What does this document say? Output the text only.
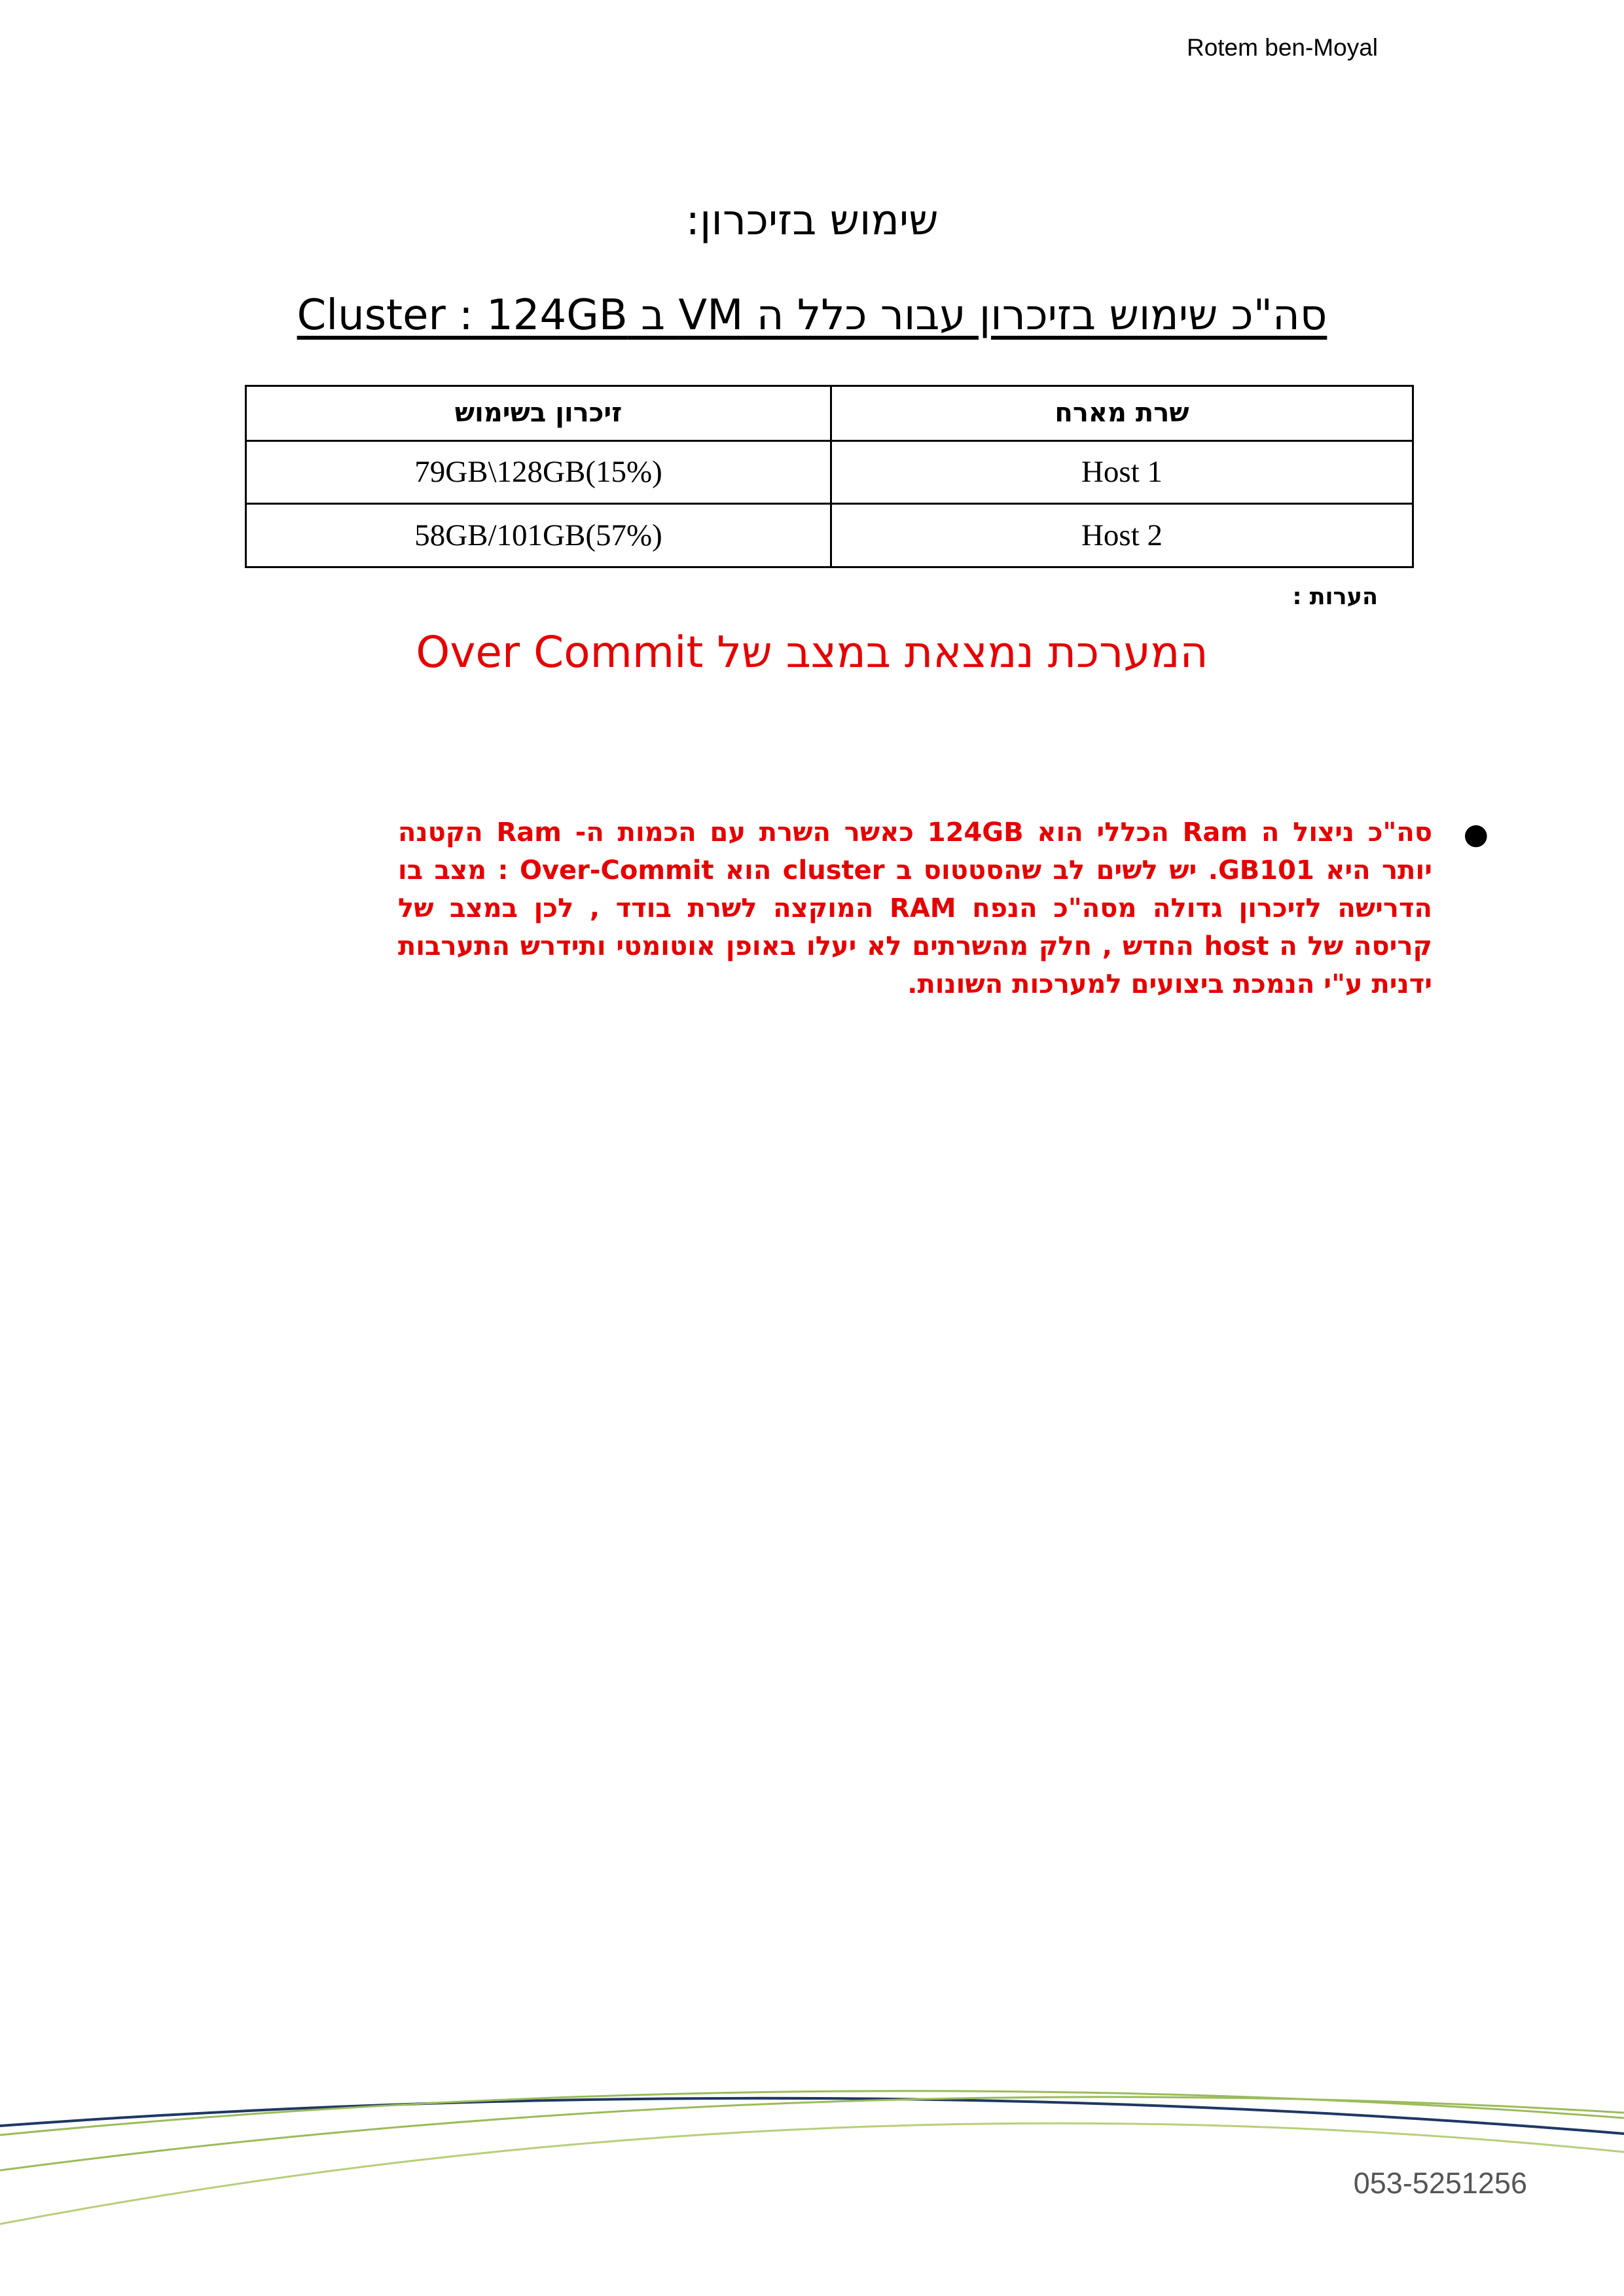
Rotem ben-Moyal
שימוש בזיכרון:
סה"כ שימוש בזיכרון עבור כלל ה VM ב Cluster : 124GB
שרת מארח	זיכרון בשימוש
Host 1	79GB\128GB(15%)
Host 2	58GB/101GB(57%)
הערות :
המערכת נמצאת במצב של Over Commit
●
סה"כ ניצול ה Ram הכללי הוא 124GB כאשר השרת עם הכמות ה- Ram הקטנה יותר היא GB101. יש לשים לב שהסטטוס ב cluster הוא Over-Commit : מצב בו הדרישה לזיכרון גדולה מסה"כ הנפח RAM המוקצה לשרת בודד , לכן במצב של קריסה של ה host החדש , חלק מהשרתים לא יעלו באופן אוטומטי ותידרש התערבות ידנית ע"י הנמכת ביצועים למערכות השונות.
053-5251256
